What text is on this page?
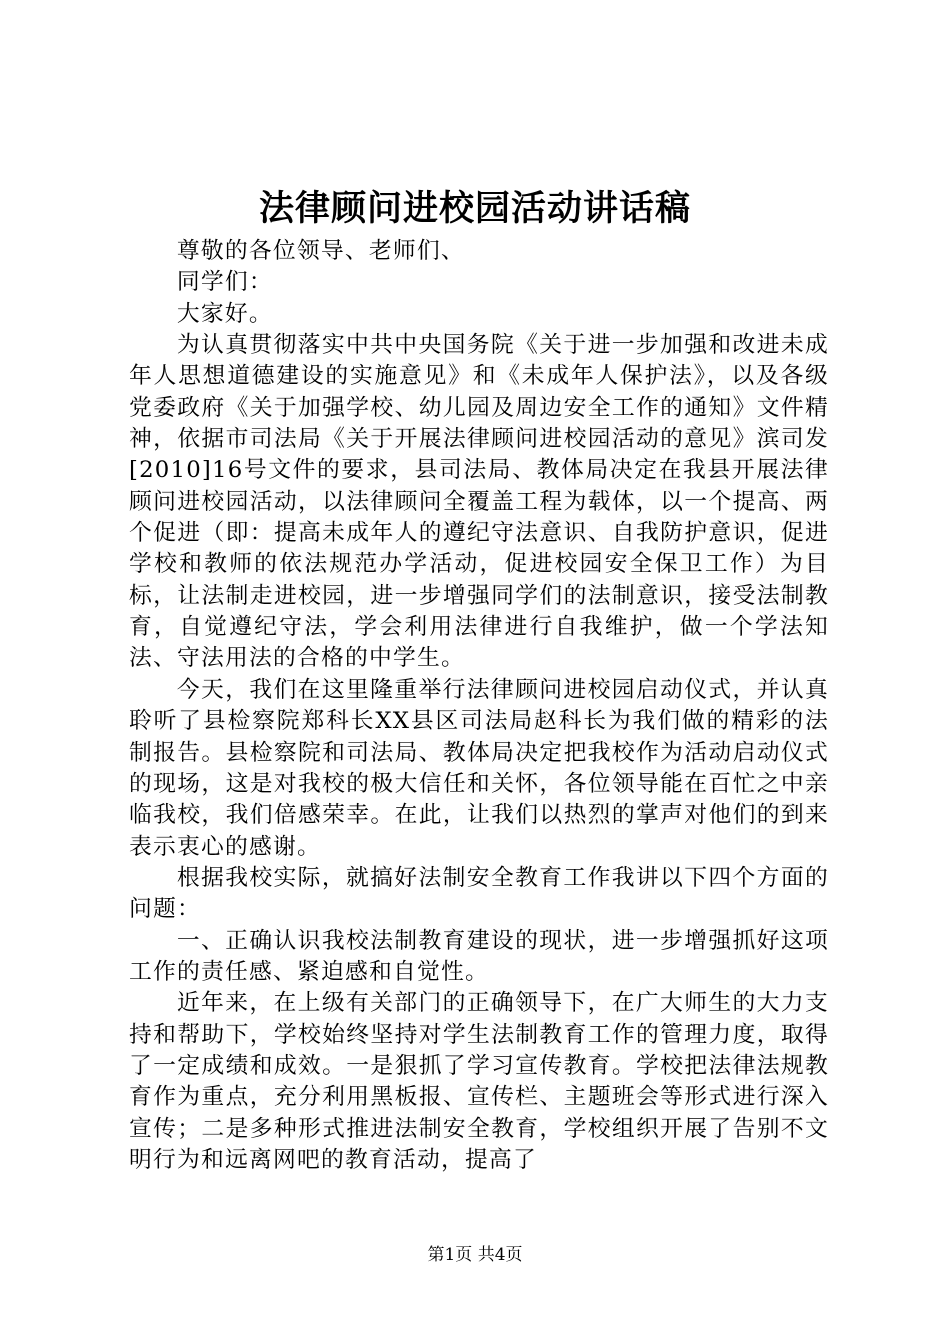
法律顾问进校园活动讲话稿

尊敬的各位领导、老师们、

同学们：

大家好。

为认真贯彻落实中共中央国务院《关于进一步加强和改进未成年人思想道德建设的实施意见》和《未成年人保护法》，以及各级党委政府《关于加强学校、幼儿园及周边安全工作的通知》文件精神，依据市司法局《关于开展法律顾问进校园活动的意见》滨司发[2010]16号文件的要求，县司法局、教体局决定在我县开展法律顾问进校园活动，以法律顾问全覆盖工程为载体，以一个提高、两个促进（即：提高未成年人的遵纪守法意识、自我防护意识，促进学校和教师的依法规范办学活动，促进校园安全保卫工作）为目标，让法制走进校园，进一步增强同学们的法制意识，接受法制教育，自觉遵纪守法，学会利用法律进行自我维护，做一个学法知法、守法用法的合格的中学生。

今天，我们在这里隆重举行法律顾问进校园启动仪式，并认真聆听了县检察院郑科长XX县区司法局赵科长为我们做的精彩的法制报告。县检察院和司法局、教体局决定把我校作为活动启动仪式的现场，这是对我校的极大信任和关怀，各位领导能在百忙之中亲临我校，我们倍感荣幸。在此，让我们以热烈的掌声对他们的到来表示衷心的感谢。

根据我校实际，就搞好法制安全教育工作我讲以下四个方面的问题：

一、正确认识我校法制教育建设的现状，进一步增强抓好这项工作的责任感、紧迫感和自觉性。

近年来，在上级有关部门的正确领导下，在广大师生的大力支持和帮助下，学校始终坚持对学生法制教育工作的管理力度，取得了一定成绩和成效。一是狠抓了学习宣传教育。学校把法律法规教育作为重点，充分利用黑板报、宣传栏、主题班会等形式进行深入宣传；二是多种形式推进法制安全教育，学校组织开展了告别不文明行为和远离网吧的教育活动，提高了

第1页 共4页
